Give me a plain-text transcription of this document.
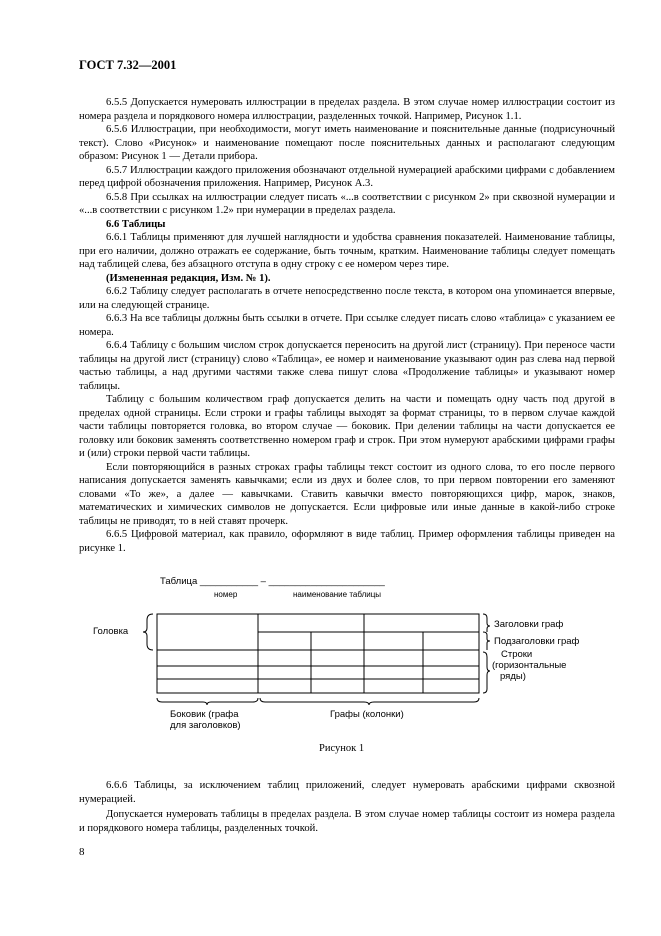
ГОСТ 7.32—2001

6.5.5 Допускается нумеровать иллюстрации в пределах раздела. В этом случае номер иллюстрации состоит из номера раздела и порядкового номера иллюстрации, разделенных точкой. Например, Рисунок 1.1.

6.5.6 Иллюстрации, при необходимости, могут иметь наименование и пояснительные данные (подрисуночный текст). Слово «Рисунок» и наименование помещают после пояснительных данных и располагают следующим образом: Рисунок 1 — Детали прибора.

6.5.7 Иллюстрации каждого приложения обозначают отдельной нумерацией арабскими цифрами с добавлением перед цифрой обозначения приложения. Например, Рисунок А.3.

6.5.8 При ссылках на иллюстрации следует писать «...в соответствии с рисунком 2» при сквозной нумерации и «...в соответствии с рисунком 1.2» при нумерации в пределах раздела.

6.6 Таблицы

6.6.1 Таблицы применяют для лучшей наглядности и удобства сравнения показателей. Наименование таблицы, при его наличии, должно отражать ее содержание, быть точным, кратким. Наименование таблицы следует помещать над таблицей слева, без абзацного отступа в одну строку с ее номером через тире.

(Измененная редакция, Изм. № 1).

6.6.2 Таблицу следует располагать в отчете непосредственно после текста, в котором она упоминается впервые, или на следующей странице.

6.6.3 На все таблицы должны быть ссылки в отчете. При ссылке следует писать слово «таблица» с указанием ее номера.

6.6.4 Таблицу с большим числом строк допускается переносить на другой лист (страницу). При переносе части таблицы на другой лист (страницу) слово «Таблица», ее номер и наименование указывают один раз слева над первой частью таблицы, а над другими частями также слева пишут слова «Продолжение таблицы» и указывают номер таблицы.

Таблицу с большим количеством граф допускается делить на части и помещать одну часть под другой в пределах одной страницы. Если строки и графы таблицы выходят за формат страницы, то в первом случае каждой части таблицы повторяется головка, во втором случае — боковик. При делении таблицы на части допускается ее головку или боковик заменять соответственно номером граф и строк. При этом нумеруют арабскими цифрами графы и (или) строки первой части таблицы.

Если повторяющийся в разных строках графы таблицы текст состоит из одного слова, то его после первого написания допускается заменять кавычками; если из двух и более слов, то при первом повторении его заменяют словами «То же», а далее — кавычками. Ставить кавычки вместо повторяющихся цифр, марок, знаков, математических и химических символов не допускается. Если цифровые или иные данные в какой-либо строке таблицы не приводят, то в ней ставят прочерк.

6.6.5 Цифровой материал, как правило, оформляют в виде таблиц. Пример оформления таблицы приведен на рисунке 1.

Таблица ___________ – ______________________
номер	наименование таблицы
Головка
Заголовки граф
Подзаголовки граф
Строки
(горизонтальные
ряды)
Боковик (графа
для заголовков)
Графы (колонки)
Рисунок 1

6.6.6 Таблицы, за исключением таблиц приложений, следует нумеровать арабскими цифрами сквозной нумерацией.

Допускается нумеровать таблицы в пределах раздела. В этом случае номер таблицы состоит из номера раздела и порядкового номера таблицы, разделенных точкой.

8
